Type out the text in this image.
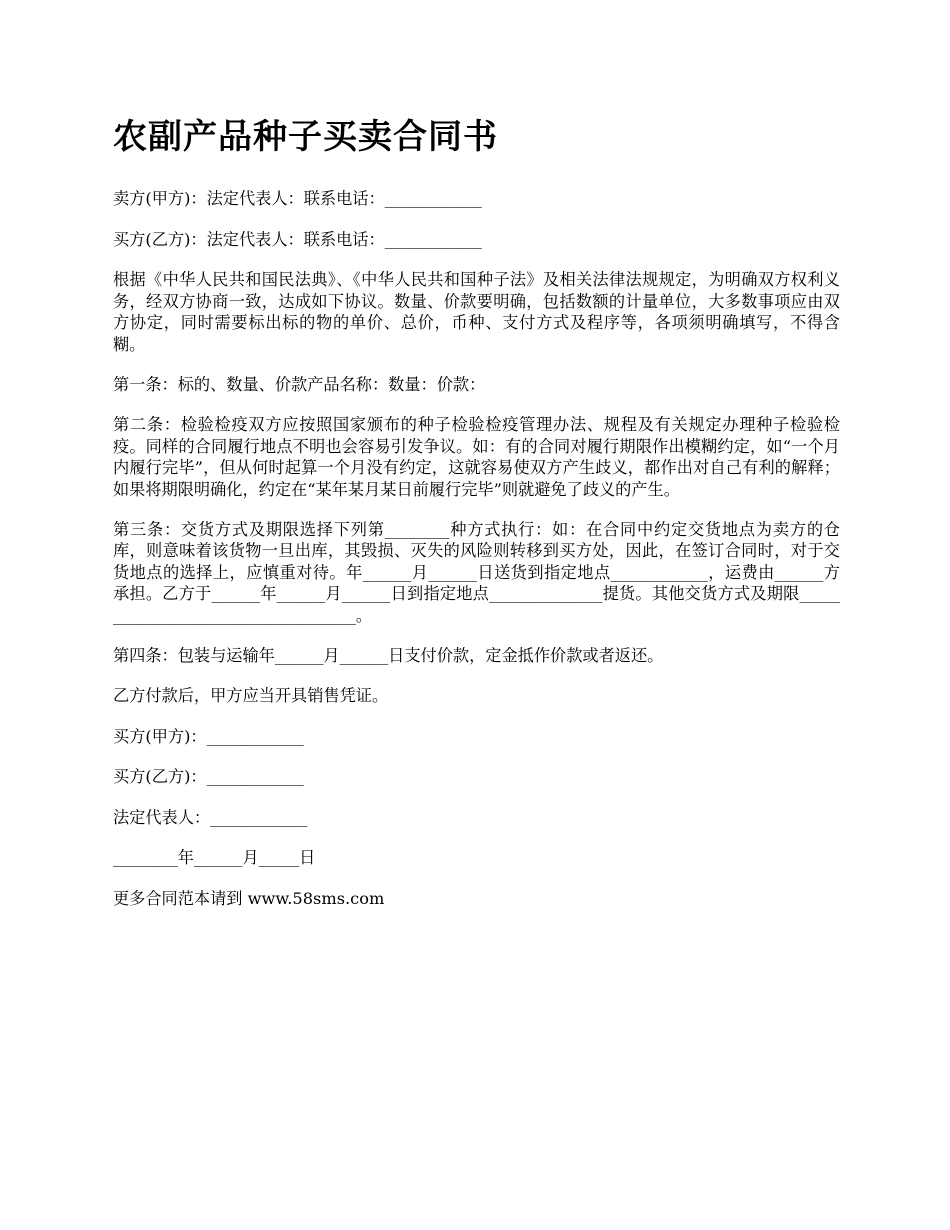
农副产品种子买卖合同书

卖方(甲方)：法定代表人：联系电话：____________

买方(乙方)：法定代表人：联系电话：____________

根据《中华人民共和国民法典》、《中华人民共和国种子法》及相关法律法规规定，为明确双方权利义务，经双方协商一致，达成如下协议。数量、价款要明确，包括数额的计量单位，大多数事项应由双方协定，同时需要标出标的物的单价、总价，币种、支付方式及程序等，各项须明确填写，不得含糊。

第一条：标的、数量、价款产品名称：数量：价款：

第二条：检验检疫双方应按照国家颁布的种子检验检疫管理办法、规程及有关规定办理种子检验检疫。同样的合同履行地点不明也会容易引发争议。如：有的合同对履行期限作出模糊约定，如“一个月内履行完毕”，但从何时起算一个月没有约定，这就容易使双方产生歧义，都作出对自己有利的解释；如果将期限明确化，约定在“某年某月某日前履行完毕”则就避免了歧义的产生。

第三条：交货方式及期限选择下列第________种方式执行：如：在合同中约定交货地点为卖方的仓库，则意味着该货物一旦出库，其毁损、灭失的风险则转移到买方处，因此，在签订合同时，对于交货地点的选择上，应慎重对待。年______月______日送货到指定地点____________，运费由______方承担。乙方于______年______月______日到指定地点______________提货。其他交货方式及期限___________________________________。

第四条：包装与运输年______月______日支付价款，定金抵作价款或者返还。

乙方付款后，甲方应当开具销售凭证。

买方(甲方)：____________

买方(乙方)：____________

法定代表人：____________

________年______月_____日

更多合同范本请到 www.58sms.com
